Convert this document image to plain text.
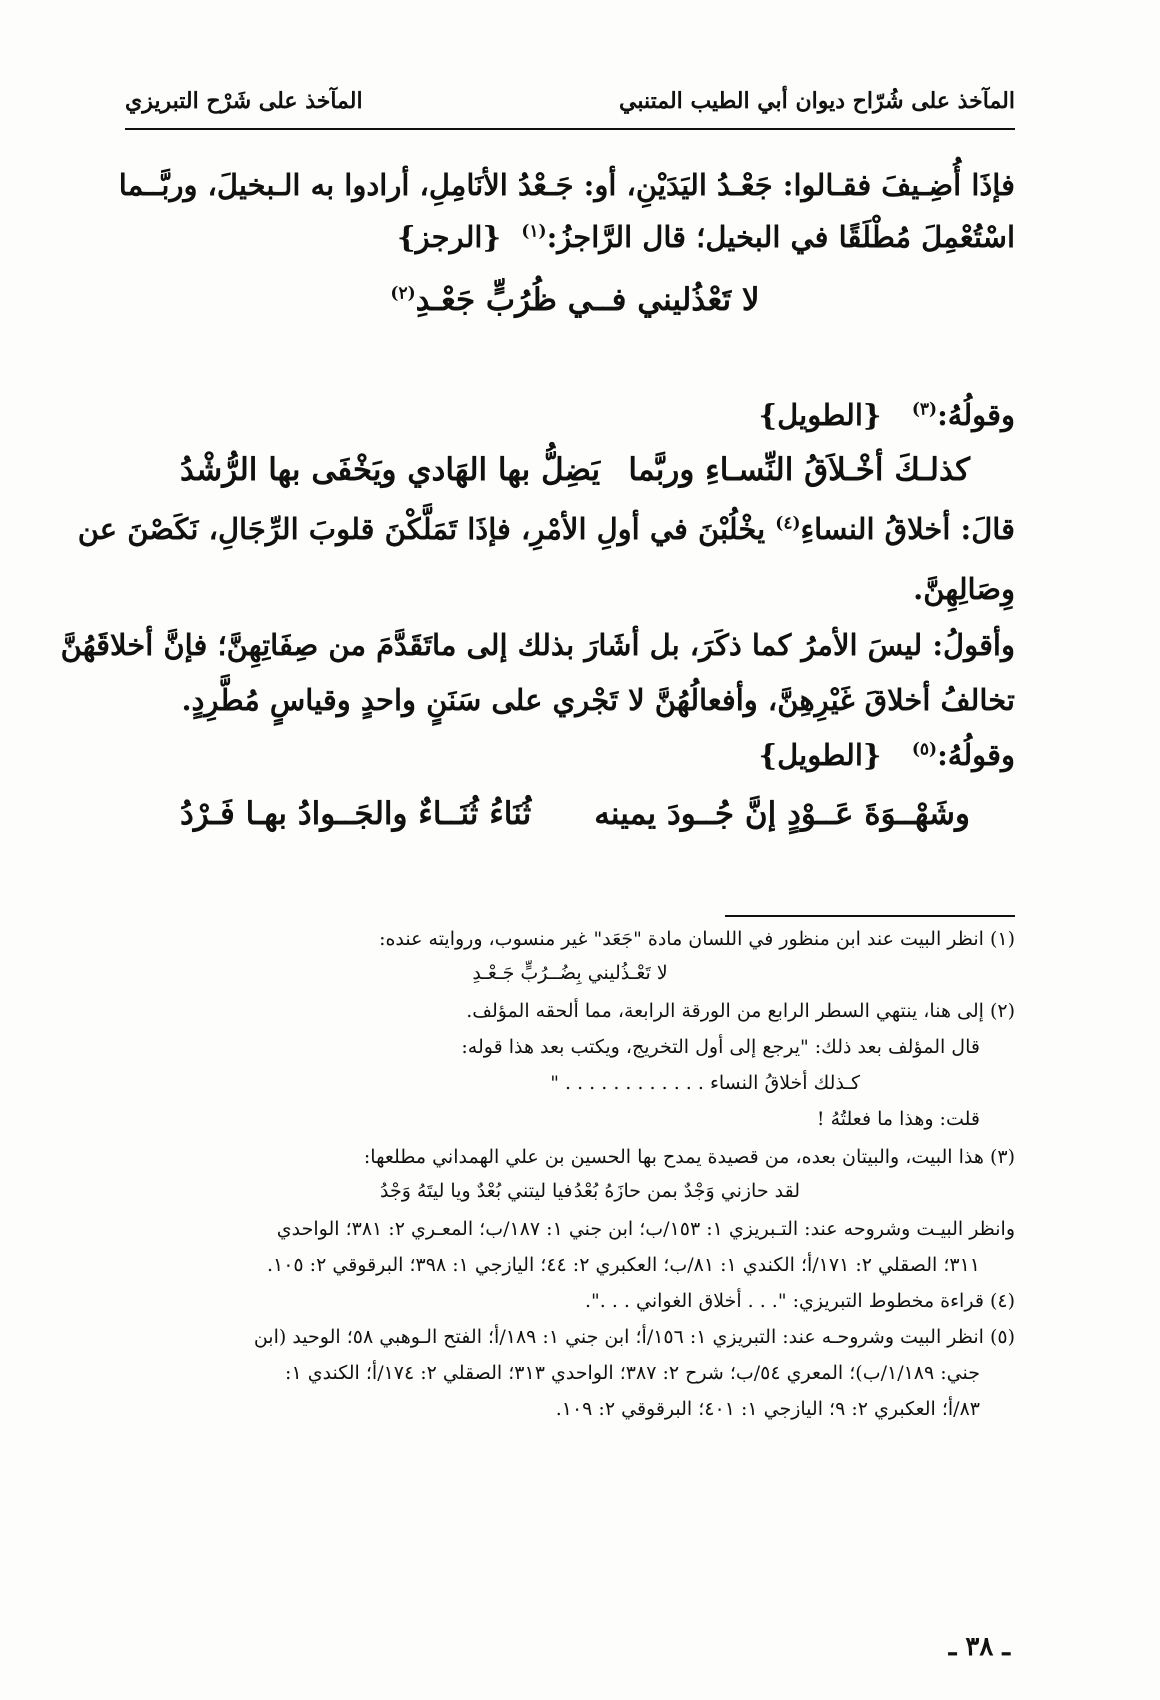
المآخذ على شُرّاح ديوان أبي الطيب المتنبي
المآخذ على شَرْح التبريزي
فإذَا أُضِـيفَ فقـالوا: جَعْـدُ اليَدَيْنِ، أو: جَـعْدُ الأنَامِلِ، أرادوا به الـبخيلَ، وربَّــما
اسْتُعْمِلَ مُطْلَقًا في البخيل؛ قال الرَّاجزُ:$^{(١)}$  {الرجز}
لا تَعْذُليني فــي ظُرُبٍّ جَعْـدِ$^{(٢)}$
وقولُهُ:$^{(٣)}$   {الطويل}
كذلـكَ أخْـلاَقُ النِّسـاءِ وربَّما
يَضِلُّ بها الهَادي ويَخْفَى بها الرُّشْدُ
قالَ: أخلاقُ النساءِ$^{(٤)}$ يخْلُبْنَ في أولِ الأمْرِ، فإذَا تَمَلَّكْنَ قلوبَ الرِّجَالِ، نَكَصْنَ عن
وِصَالِهِنَّ.
وأقولُ: ليسَ الأمرُ كما ذكَرَ، بل أشَارَ بذلك إلى ماتَقَدَّمَ من صِفَاتِهِنَّ؛ فإنَّ أخلاقَهُنَّ
تخالفُ أخلاقَ غَيْرِهِنَّ، وأفعالُهُنَّ لا تَجْري على سَنَنٍ واحدٍ وقياسٍ مُطَّرِدٍ.
وقولُهُ:$^{(٥)}$   {الطويل}
وشَهْــوَةَ عَــوْدٍ إنَّ جُــودَ يمينه
ثُنَاءُ ثُنَــاءٌ والجَــوادُ بهـا فَـرْدُ
(١) انظر البيت عند ابن منظور في اللسان مادة "جَعَد" غير منسوب، وروايته عنده:
لا تَعْـذُليني بِضُــرُبٍّ جَـعْـدِ
(٢) إلى هنا، ينتهي السطر الرابع من الورقة الرابعة، مما ألحقه المؤلف.
قال المؤلف بعد ذلك: "يرجع إلى أول التخريج، ويكتب بعد هذا قوله:
كـذلك أخلاقُ النساء . . . . . . . . . . . . "
قلت: وهذا ما فعلتُهُ !
(٣) هذا البيت، والبيتان بعده، من قصيدة يمدح بها الحسين بن علي الهمداني مطلعها:
لقد حازني وَجْدٌ بمن حازَهُ بُعْدُ
فيا ليتني بُعْدٌ ويا ليتَهُ وَجْدُ
وانظر البيـت وشروحه عند: التـبريزي ١: ١٥٣/ب؛ ابن جني ١: ١٨٧/ب؛ المعـري ٢: ٣٨١؛ الواحدي
٣١١؛ الصقلي ٢: ١٧١/أ؛ الكندي ١: ٨١/ب؛ العكبري ٢: ٤٤؛ اليازجي ١: ٣٩٨؛ البرقوقي ٢: ١٠٥.
(٤) قراءة مخطوط التبريزي: ". . . أخلاق الغواني . . .".
(٥) انظر البيت وشروحـه عند: التبريزي ١: ١٥٦/أ؛ ابن جني ١: ١٨٩/أ؛ الفتح الـوهبي ٥٨؛ الوحيد (ابن
جني: ١/١٨٩/ب)؛ المعري ٥٤/ب؛ شرح ٢: ٣٨٧؛ الواحدي ٣١٣؛ الصقلي ٢: ١٧٤/أ؛ الكندي ١:
٨٣/أ؛ العكبري ٢: ٩؛ اليازجي ١: ٤٠١؛ البرقوقي ٢: ١٠٩.
ـ ٣٨ ـ
